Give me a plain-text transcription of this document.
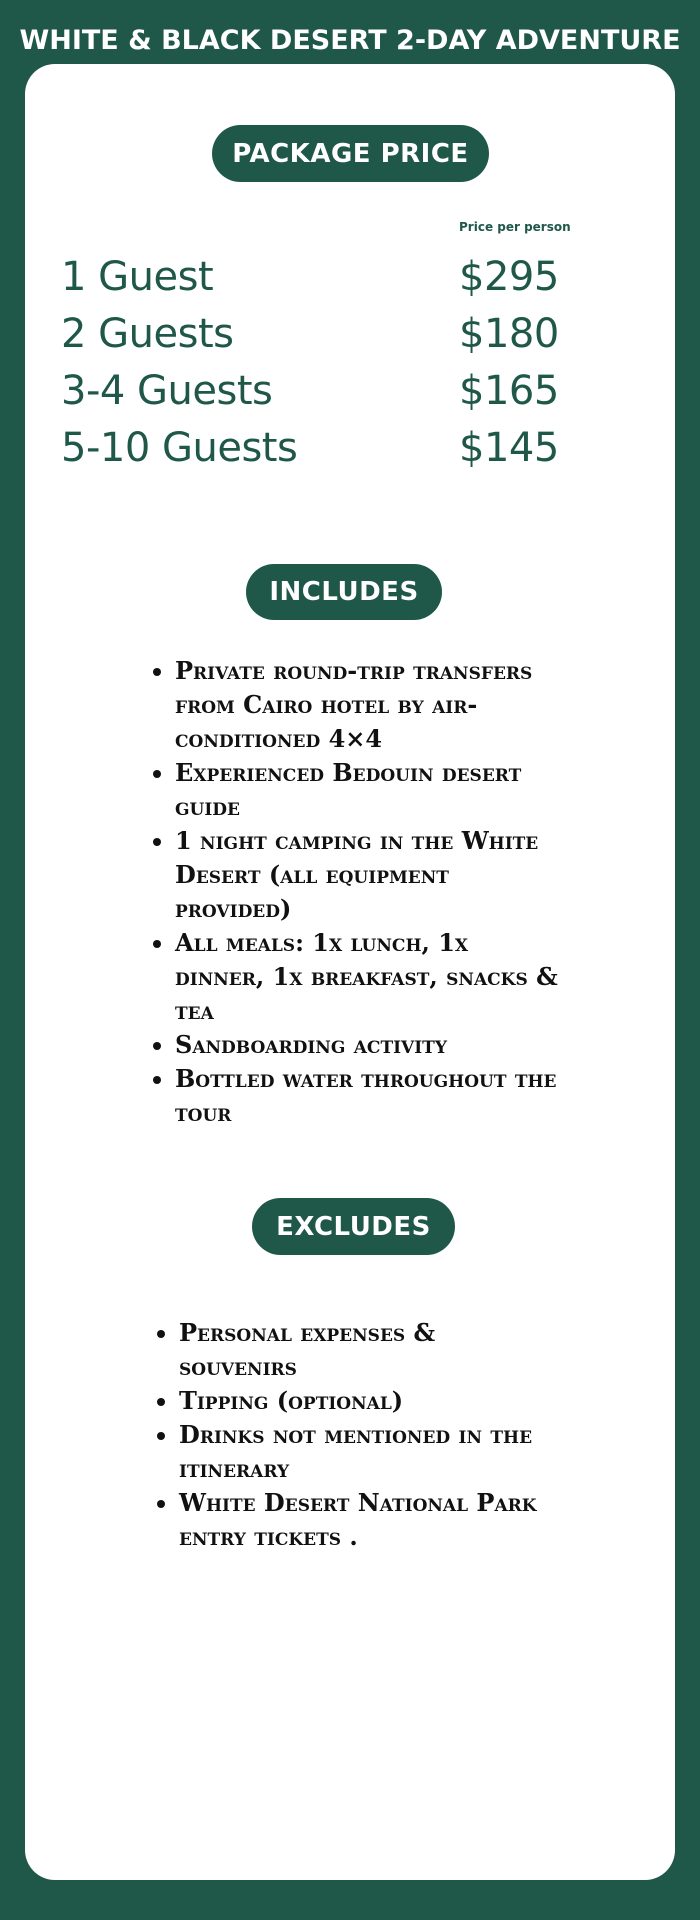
WHITE & BLACK DESERT 2-DAY ADVENTURE
PACKAGE PRICE
Price per person
1 Guest	$295
2 Guests	$180
3-4 Guests	$165
5-10 Guests	$145
INCLUDES
Private round-trip transfers from Cairo hotel by air-conditioned 4×4
Experienced Bedouin desert guide
1 night camping in the White Desert (all equipment provided)
All meals: 1x lunch, 1x dinner, 1x breakfast, snacks & tea
Sandboarding activity
Bottled water throughout the tour
EXCLUDES
Personal expenses & souvenirs
Tipping (optional)
Drinks not mentioned in the itinerary
White Desert National Park entry tickets .
